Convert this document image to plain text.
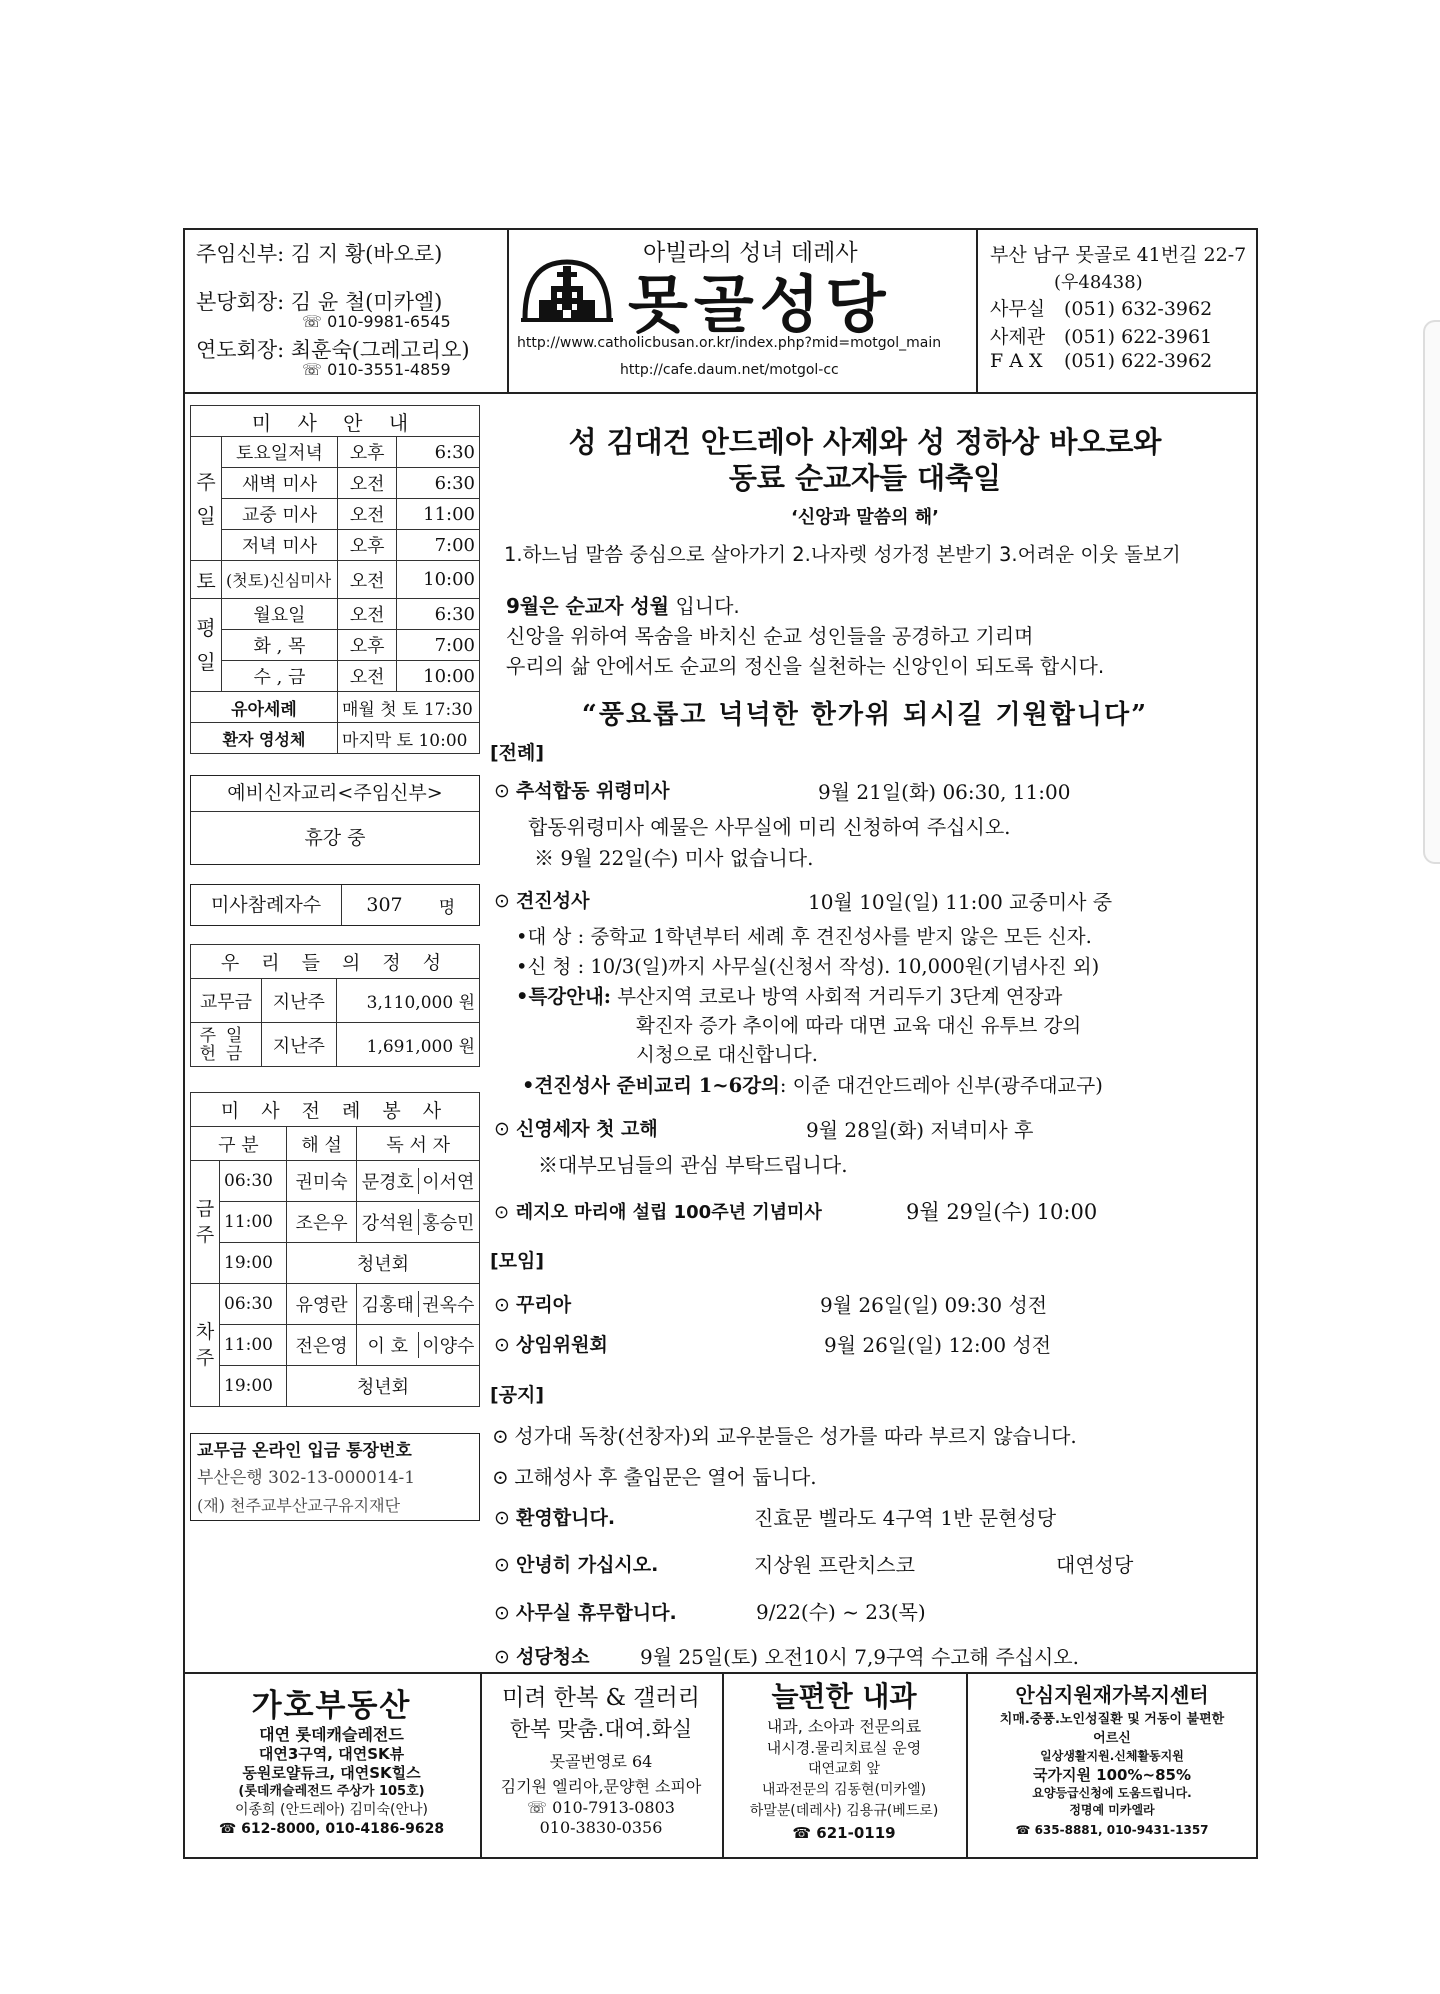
주임신부: 김 지 황(바오로)
본당회장: 김 윤 철(미카엘)
☏ 010-9981-6545
연도회장: 최훈숙(그레고리오)
☏ 010-3551-4859
아빌라의 성녀 데레사
못골성당
http://www.catholicbusan.or.kr/index.php?mid=motgol_main
http://cafe.daum.net/motgol-cc
부산 남구 못골로 41번길 22-7
(우48438)
사무실 (051) 632-3962
사제관 (051) 622-3961
F A X (051) 622-3962
미 사 안 내			
주일	토요일저녁	오후	6:30
	새벽 미사	오전	6:30
	교중 미사	오전	11:00
	저녁 미사	오후	7:00
토	(첫토)신심미사	오전	10:00
평일	월요일	오전	6:30
	화 , 목	오후	7:00
	수 , 금	오전	10:00
유아세례		매월 첫 토 17:30	
환자 영성체		마지막 토 10:00	
예비신자교리<주임신부>
휴강 중
미사참례자수	307	명
우 리 들 의 정 성		
교무금	지난주	3,110,000 원
주일헌금	지난주	1,691,000 원
미 사 전 례 봉 사			
구 분		해 설	독 서 자
금주	06:30	권미숙	문경호 이서연
	11:00	조은우	강석원 홍승민
	19:00	청년회	
차주	06:30	유영란	김홍태 권옥수
	11:00	전은영	이 호 이양수
	19:00	청년회	
교무금 온라인 입금 통장번호
부산은행 302-13-000014-1
(재) 천주교부산교구유지재단
성 김대건 안드레아 사제와 성 정하상 바오로와
동료 순교자들 대축일
‘신앙과 말씀의 해’
1.하느님 말씀 중심으로 살아가기 2.나자렛 성가정 본받기 3.어려운 이웃 돌보기
9월은 순교자 성월 입니다.
신앙을 위하여 목숨을 바치신 순교 성인들을 공경하고 기리며
우리의 삶 안에서도 순교의 정신을 실천하는 신앙인이 되도록 합시다.
“풍요롭고 넉넉한 한가위 되시길 기원합니다”
[전례]
⊙ 추석합동 위령미사	9월 21일(화) 06:30, 11:00
합동위령미사 예물은 사무실에 미리 신청하여 주십시오.
※ 9월 22일(수) 미사 없습니다.
⊙ 견진성사	10월 10일(일) 11:00 교중미사 중
•대 상 : 중학교 1학년부터 세례 후 견진성사를 받지 않은 모든 신자.
•신 청 : 10/3(일)까지 사무실(신청서 작성). 10,000원(기념사진 외)
•특강안내: 부산지역 코로나 방역 사회적 거리두기 3단계 연장과
확진자 증가 추이에 따라 대면 교육 대신 유투브 강의
시청으로 대신합니다.
•견진성사 준비교리 1~6강의: 이준 대건안드레아 신부(광주대교구)
⊙ 신영세자 첫 고해	9월 28일(화) 저녁미사 후
※대부모님들의 관심 부탁드립니다.
⊙ 레지오 마리애 설립 100주년 기념미사	9월 29일(수) 10:00
[모임]
⊙ 꾸리아	9월 26일(일) 09:30 성전
⊙ 상임위원회	9월 26일(일) 12:00 성전
[공지]
⊙ 성가대 독창(선창자)외 교우분들은 성가를 따라 부르지 않습니다.
⊙ 고해성사 후 출입문은 열어 둡니다.
⊙ 환영합니다.	진효문 벨라도 4구역 1반 문현성당
⊙ 안녕히 가십시오.	지상원 프란치스코	대연성당
⊙ 사무실 휴무합니다.	9/22(수) ~ 23(목)
⊙ 성당청소	9월 25일(토) 오전10시 7,9구역 수고해 주십시오.
가호부동산
대연 롯데캐슬레전드
대연3구역, 대연SK뷰
동원로얄듀크, 대연SK힐스
(롯데캐슬레전드 주상가 105호)
이종희 (안드레아) 김미숙(안나)
☎ 612-8000, 010-4186-9628
미려 한복 & 갤러리
한복 맞춤.대여.화실
못골번영로 64
김기원 엘리아,문양현 소피아
☏ 010-7913-0803
010-3830-0356
늘편한 내과
내과, 소아과 전문의료
내시경.물리치료실 운영
대연교회 앞
내과전문의 김동현(미카엘)
하말분(데레사) 김용규(베드로)
☎ 621-0119
안심지원재가복지센터
치매.중풍.노인성질환 및 거동이 불편한
어르신
일상생활지원.신체활동지원
국가지원 100%~85%
요양등급신청에 도움드립니다.
정명예 미카엘라
☎ 635-8881, 010-9431-1357
